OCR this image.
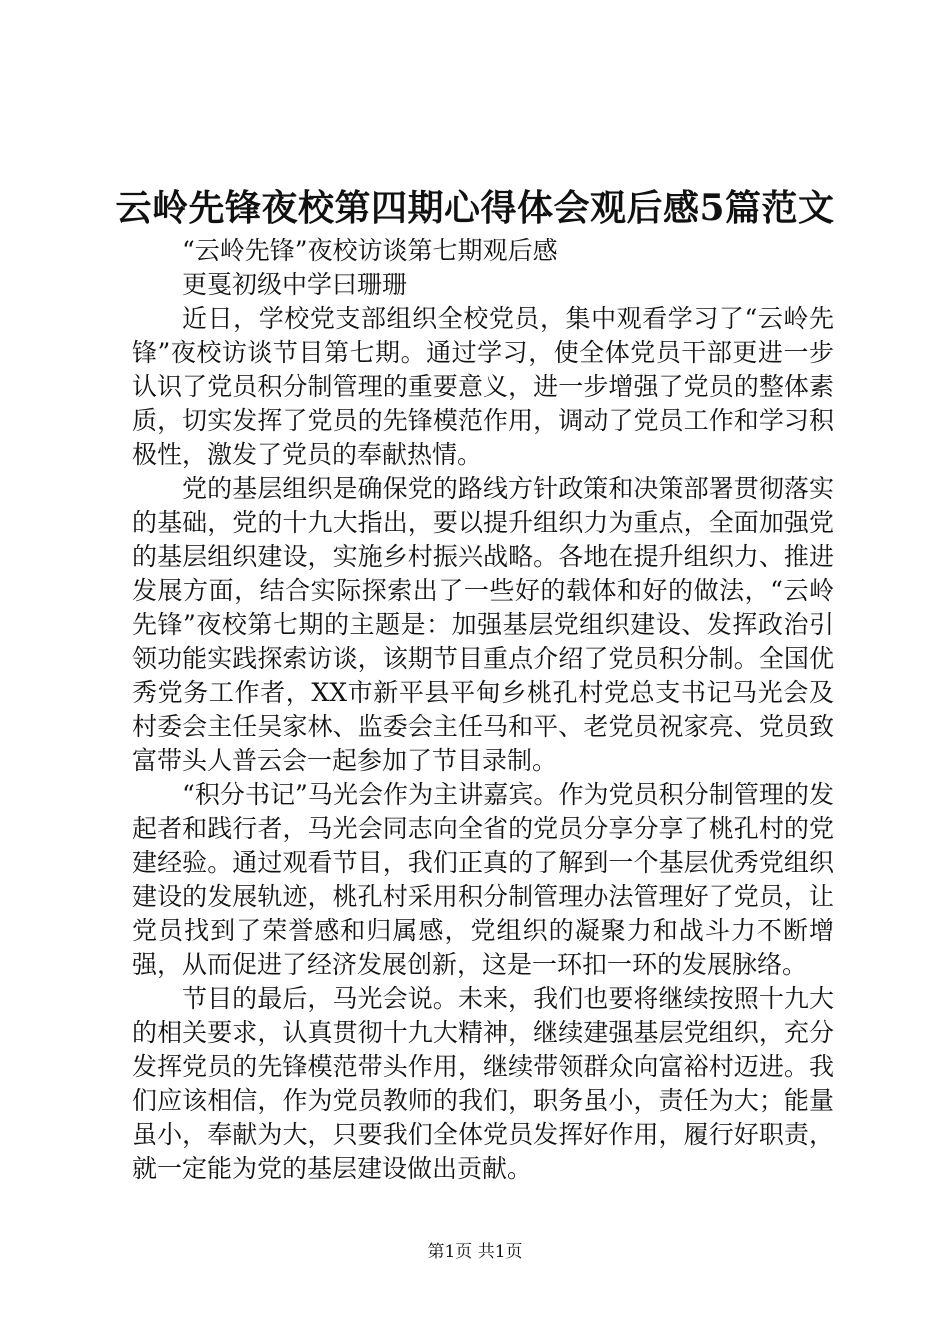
云岭先锋夜校第四期心得体会观后感5篇范文

“云岭先锋”夜校访谈第七期观后感

更戛初级中学曰珊珊

近日，学校党支部组织全校党员，集中观看学习了“云岭先锋”夜校访谈节目第七期。通过学习，使全体党员干部更进一步认识了党员积分制管理的重要意义，进一步增强了党员的整体素质，切实发挥了党员的先锋模范作用，调动了党员工作和学习积极性，激发了党员的奉献热情。

党的基层组织是确保党的路线方针政策和决策部署贯彻落实的基础，党的十九大指出，要以提升组织力为重点，全面加强党的基层组织建设，实施乡村振兴战略。各地在提升组织力、推进发展方面，结合实际探索出了一些好的载体和好的做法，“云岭先锋”夜校第七期的主题是：加强基层党组织建设、发挥政治引领功能实践探索访谈，该期节目重点介绍了党员积分制。全国优秀党务工作者，XX市新平县平甸乡桃孔村党总支书记马光会及村委会主任吴家林、监委会主任马和平、老党员祝家亮、党员致富带头人普云会一起参加了节目录制。

“积分书记”马光会作为主讲嘉宾。作为党员积分制管理的发起者和践行者，马光会同志向全省的党员分享分享了桃孔村的党建经验。通过观看节目，我们正真的了解到一个基层优秀党组织建设的发展轨迹，桃孔村采用积分制管理办法管理好了党员，让党员找到了荣誉感和归属感，党组织的凝聚力和战斗力不断增强，从而促进了经济发展创新，这是一环扣一环的发展脉络。

节目的最后，马光会说。未来，我们也要将继续按照十九大的相关要求，认真贯彻十九大精神，继续建强基层党组织，充分发挥党员的先锋模范带头作用，继续带领群众向富裕村迈进。我们应该相信，作为党员教师的我们，职务虽小，责任为大；能量虽小，奉献为大，只要我们全体党员发挥好作用，履行好职责，就一定能为党的基层建设做出贡献。

第1页 共1页
